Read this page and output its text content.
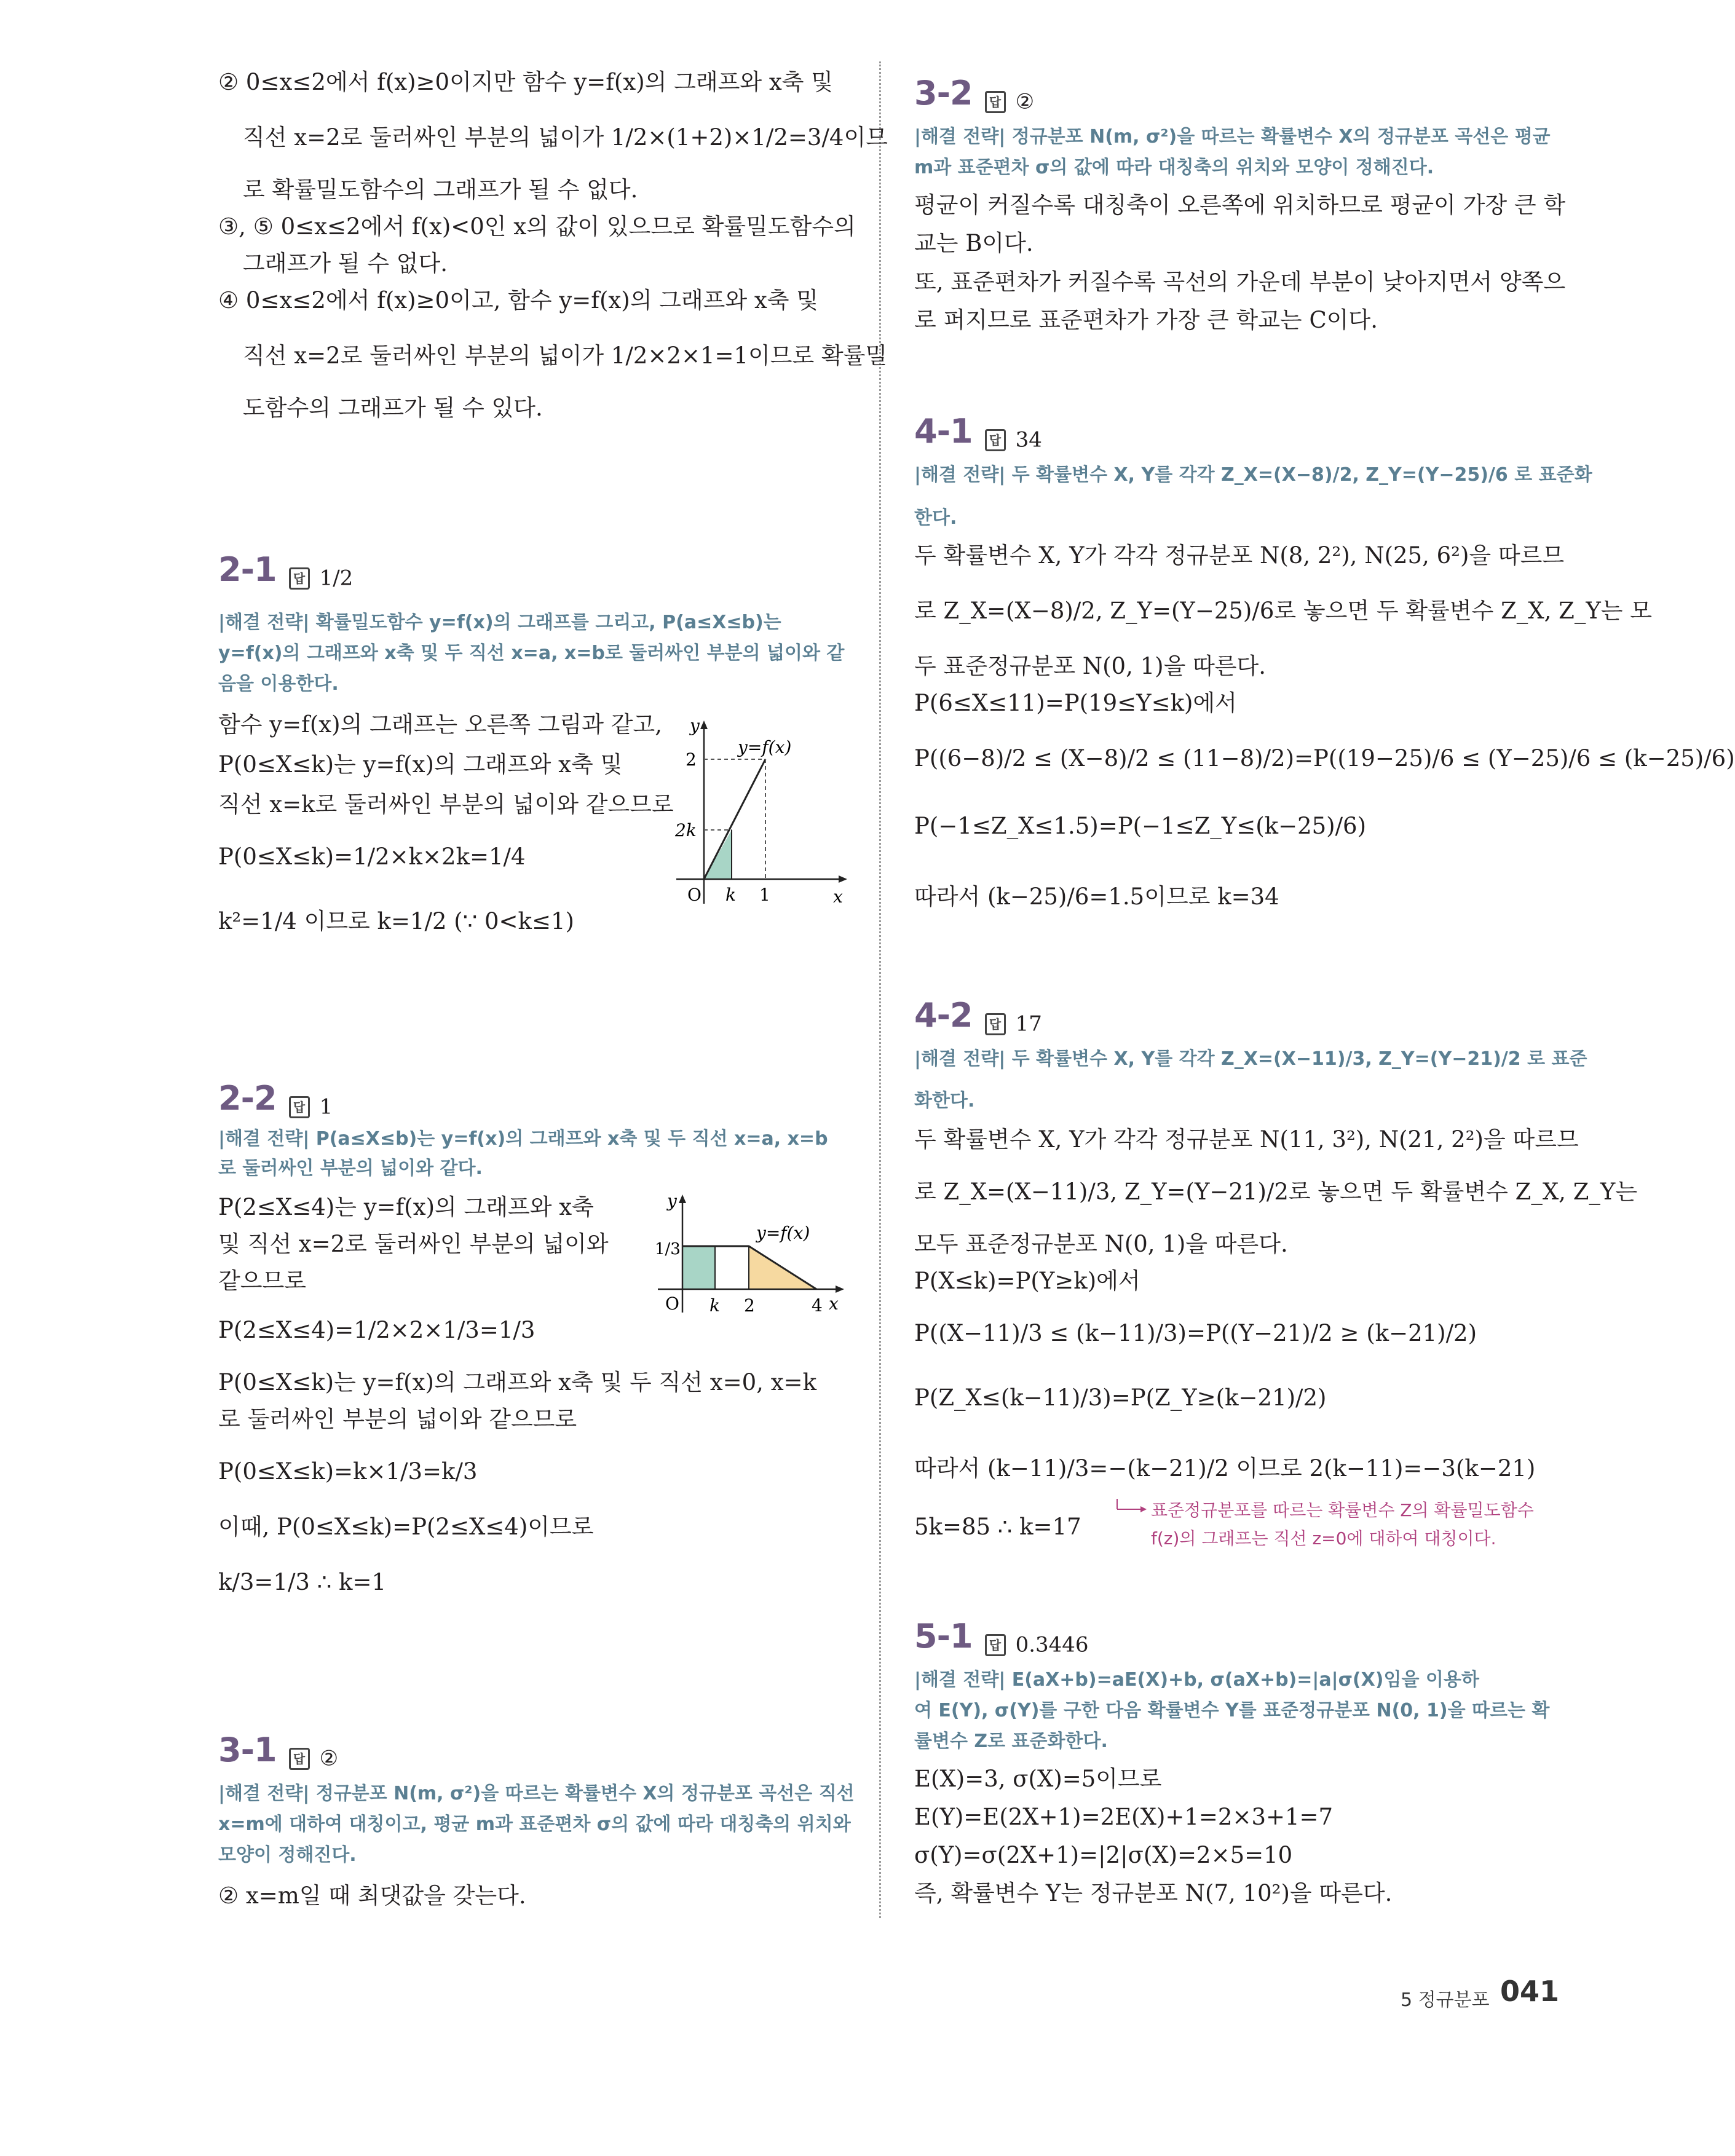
② 0≤x≤2에서 f(x)≥0이지만 함수 y=f(x)의 그래프와 x축 및
직선 x=2로 둘러싸인 부분의 넓이가 1/2×(1+2)×1/2=3/4이므
로 확률밀도함수의 그래프가 될 수 없다.
③, ⑤ 0≤x≤2에서 f(x)<0인 x의 값이 있으므로 확률밀도함수의
그래프가 될 수 없다.
④ 0≤x≤2에서 f(x)≥0이고, 함수 y=f(x)의 그래프와 x축 및
직선 x=2로 둘러싸인 부분의 넓이가 1/2×2×1=1이므로 확률밀
도함수의 그래프가 될 수 있다.
2-1 답 1/2
|해결 전략| 확률밀도함수 y=f(x)의 그래프를 그리고, P(a≤X≤b)는
y=f(x)의 그래프와 x축 및 두 직선 x=a, x=b로 둘러싸인 부분의 넓이와 같
음을 이용한다.
함수 y=f(x)의 그래프는 오른쪽 그림과 같고,
P(0≤X≤k)는 y=f(x)의 그래프와 x축 및
직선 x=k로 둘러싸인 부분의 넓이와 같으므로
P(0≤X≤k)=1/2×k×2k=1/4
k²=1/4 이므로 k=1/2 (∵ 0<k≤1)
y
x
O
y=f(x)
2
2k
k 1
2-2 답 1
|해결 전략| P(a≤X≤b)는 y=f(x)의 그래프와 x축 및 두 직선 x=a, x=b
로 둘러싸인 부분의 넓이와 같다.
P(2≤X≤4)는 y=f(x)의 그래프와 x축
및 직선 x=2로 둘러싸인 부분의 넓이와
같으므로
P(2≤X≤4)=1/2×2×1/3=1/3
P(0≤X≤k)는 y=f(x)의 그래프와 x축 및 두 직선 x=0, x=k
로 둘러싸인 부분의 넓이와 같으므로
P(0≤X≤k)=k×1/3=k/3
이때, P(0≤X≤k)=P(2≤X≤4)이므로
k/3=1/3 ∴ k=1
y
x
O
y=f(x)
1/3
k 2	4
3-1 답 ②
|해결 전략| 정규분포 N(m, σ²)을 따르는 확률변수 X의 정규분포 곡선은 직선
x=m에 대하여 대칭이고, 평균 m과 표준편차 σ의 값에 따라 대칭축의 위치와
모양이 정해진다.
② x=m일 때 최댓값을 갖는다.
3-2 답 ②
|해결 전략| 정규분포 N(m, σ²)을 따르는 확률변수 X의 정규분포 곡선은 평균
m과 표준편차 σ의 값에 따라 대칭축의 위치와 모양이 정해진다.
평균이 커질수록 대칭축이 오른쪽에 위치하므로 평균이 가장 큰 학
교는 B이다.
또, 표준편차가 커질수록 곡선의 가운데 부분이 낮아지면서 양쪽으
로 퍼지므로 표준편차가 가장 큰 학교는 C이다.
4-1 답 34
|해결 전략| 두 확률변수 X, Y를 각각 Z_X=(X−8)/2, Z_Y=(Y−25)/6 로 표준화
한다.
두 확률변수 X, Y가 각각 정규분포 N(8, 2²), N(25, 6²)을 따르므
로 Z_X=(X−8)/2, Z_Y=(Y−25)/6로 놓으면 두 확률변수 Z_X, Z_Y는 모
두 표준정규분포 N(0, 1)을 따른다.
P(6≤X≤11)=P(19≤Y≤k)에서
P((6−8)/2 ≤ (X−8)/2 ≤ (11−8)/2)=P((19−25)/6 ≤ (Y−25)/6 ≤ (k−25)/6)
P(−1≤Z_X≤1.5)=P(−1≤Z_Y≤(k−25)/6)
따라서 (k−25)/6=1.5이므로 k=34
4-2 답 17
|해결 전략| 두 확률변수 X, Y를 각각 Z_X=(X−11)/3, Z_Y=(Y−21)/2 로 표준
화한다.
두 확률변수 X, Y가 각각 정규분포 N(11, 3²), N(21, 2²)을 따르므
로 Z_X=(X−11)/3, Z_Y=(Y−21)/2로 놓으면 두 확률변수 Z_X, Z_Y는
모두 표준정규분포 N(0, 1)을 따른다.
P(X≤k)=P(Y≥k)에서
P((X−11)/3 ≤ (k−11)/3)=P((Y−21)/2 ≥ (k−21)/2)
P(Z_X≤(k−11)/3)=P(Z_Y≥(k−21)/2)
따라서 (k−11)/3=−(k−21)/2 이므로 2(k−11)=−3(k−21)
5k=85 ∴ k=17
표준정규분포를 따르는 확률변수 Z의 확률밀도함수
f(z)의 그래프는 직선 z=0에 대하여 대칭이다.
5-1 답 0.3446
|해결 전략| E(aX+b)=aE(X)+b, σ(aX+b)=|a|σ(X)임을 이용하
여 E(Y), σ(Y)를 구한 다음 확률변수 Y를 표준정규분포 N(0, 1)을 따르는 확
률변수 Z로 표준화한다.
E(X)=3, σ(X)=5이므로
E(Y)=E(2X+1)=2E(X)+1=2×3+1=7
σ(Y)=σ(2X+1)=|2|σ(X)=2×5=10
즉, 확률변수 Y는 정규분포 N(7, 10²)을 따른다.
5 정규분포 041
